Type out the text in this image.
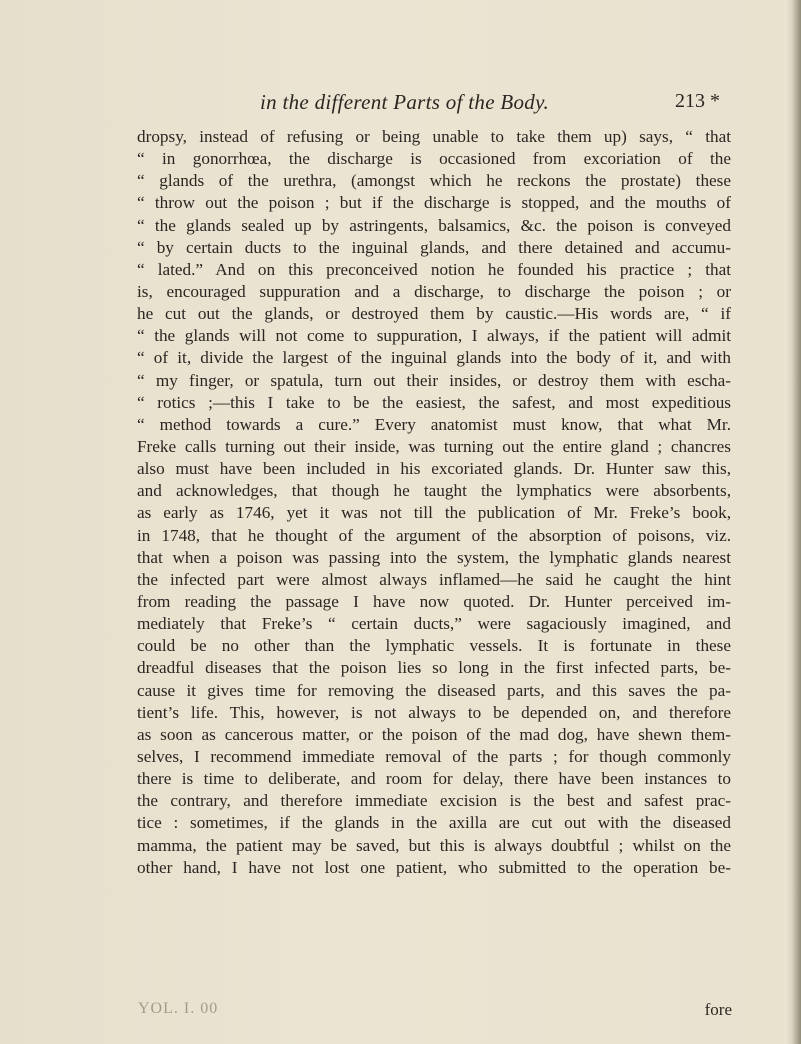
in the different Parts of the Body.	213 *
dropsy, instead of refusing or being unable to take them up) says, “ that
“ in gonorrhœa, the discharge is occasioned from excoriation of the
“ glands of the urethra, (amongst which he reckons the prostate) these
“ throw out the poison ; but if the discharge is stopped, and the mouths of
“ the glands sealed up by astringents, balsamics, &c. the poison is conveyed
“ by certain ducts to the inguinal glands, and there detained and accumu-
“ lated.” And on this preconceived notion he founded his practice ; that
is, encouraged suppuration and a discharge, to discharge the poison ; or
he cut out the glands, or destroyed them by caustic.—His words are, “ if
“ the glands will not come to suppuration, I always, if the patient will admit
“ of it, divide the largest of the inguinal glands into the body of it, and with
“ my finger, or spatula, turn out their insides, or destroy them with escha-
“ rotics ;—this I take to be the easiest, the safest, and most expeditious
“ method towards a cure.” Every anatomist must know, that what Mr.
Freke calls turning out their inside, was turning out the entire gland ; chancres
also must have been included in his excoriated glands. Dr. Hunter saw this,
and acknowledges, that though he taught the lymphatics were absorbents,
as early as 1746, yet it was not till the publication of Mr. Freke’s book,
in 1748, that he thought of the argument of the absorption of poisons, viz.
that when a poison was passing into the system, the lymphatic glands nearest
the infected part were almost always inflamed—he said he caught the hint
from reading the passage I have now quoted. Dr. Hunter perceived im-
mediately that Freke’s “ certain ducts,” were sagaciously imagined, and
could be no other than the lymphatic vessels. It is fortunate in these
dreadful diseases that the poison lies so long in the first infected parts, be-
cause it gives time for removing the diseased parts, and this saves the pa-
tient’s life. This, however, is not always to be depended on, and therefore
as soon as cancerous matter, or the poison of the mad dog, have shewn them-
selves, I recommend immediate removal of the parts ; for though commonly
there is time to deliberate, and room for delay, there have been instances to
the contrary, and therefore immediate excision is the best and safest prac-
tice : sometimes, if the glands in the axilla are cut out with the diseased
mamma, the patient may be saved, but this is always doubtful ; whilst on the
other hand, I have not lost one patient, who submitted to the operation be-
YOL. I. 00	fore
